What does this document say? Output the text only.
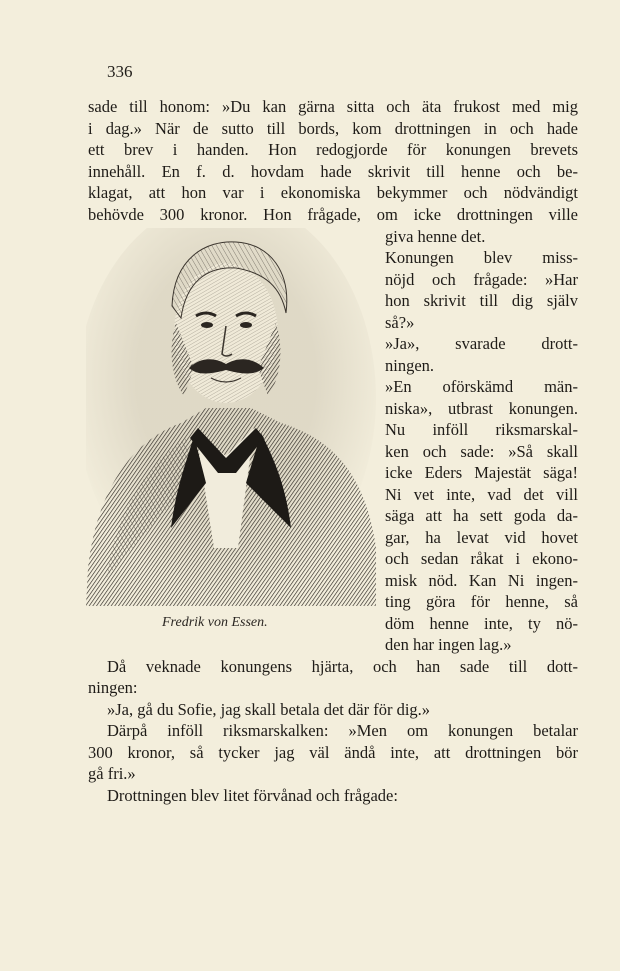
336
sade till honom: »Du kan gärna sitta och äta frukost med mig
i dag.» När de sutto till bords, kom drottningen in och hade
ett brev i handen. Hon redogjorde för konungen brevets
innehåll. En f. d. hovdam hade skrivit till henne och be-
klagat, att hon var i ekonomiska bekymmer och nödvändigt
behövde 300 kronor. Hon frågade, om icke drottningen ville
Fredrik von Essen.
giva henne det.
Konungen blev miss-
nöjd och frågade: »Har
hon skrivit till dig själv
så?»
»Ja», svarade drott-
ningen.
»En oförskämd män-
niska», utbrast konungen.
Nu inföll riksmarskal-
ken och sade: »Så skall
icke Eders Majestät säga!
Ni vet inte, vad det vill
säga att ha sett goda da-
gar, ha levat vid hovet
och sedan råkat i ekono-
misk nöd. Kan Ni ingen-
ting göra för henne, så
döm henne inte, ty nö-
den har ingen lag.»
Då veknade konungens hjärta, och han sade till dott-
ningen:
»Ja, gå du Sofie, jag skall betala det där för dig.»
Därpå inföll riksmarskalken: »Men om konungen betalar
300 kronor, så tycker jag väl ändå inte, att drottningen bör
gå fri.»
Drottningen blev litet förvånad och frågade:
